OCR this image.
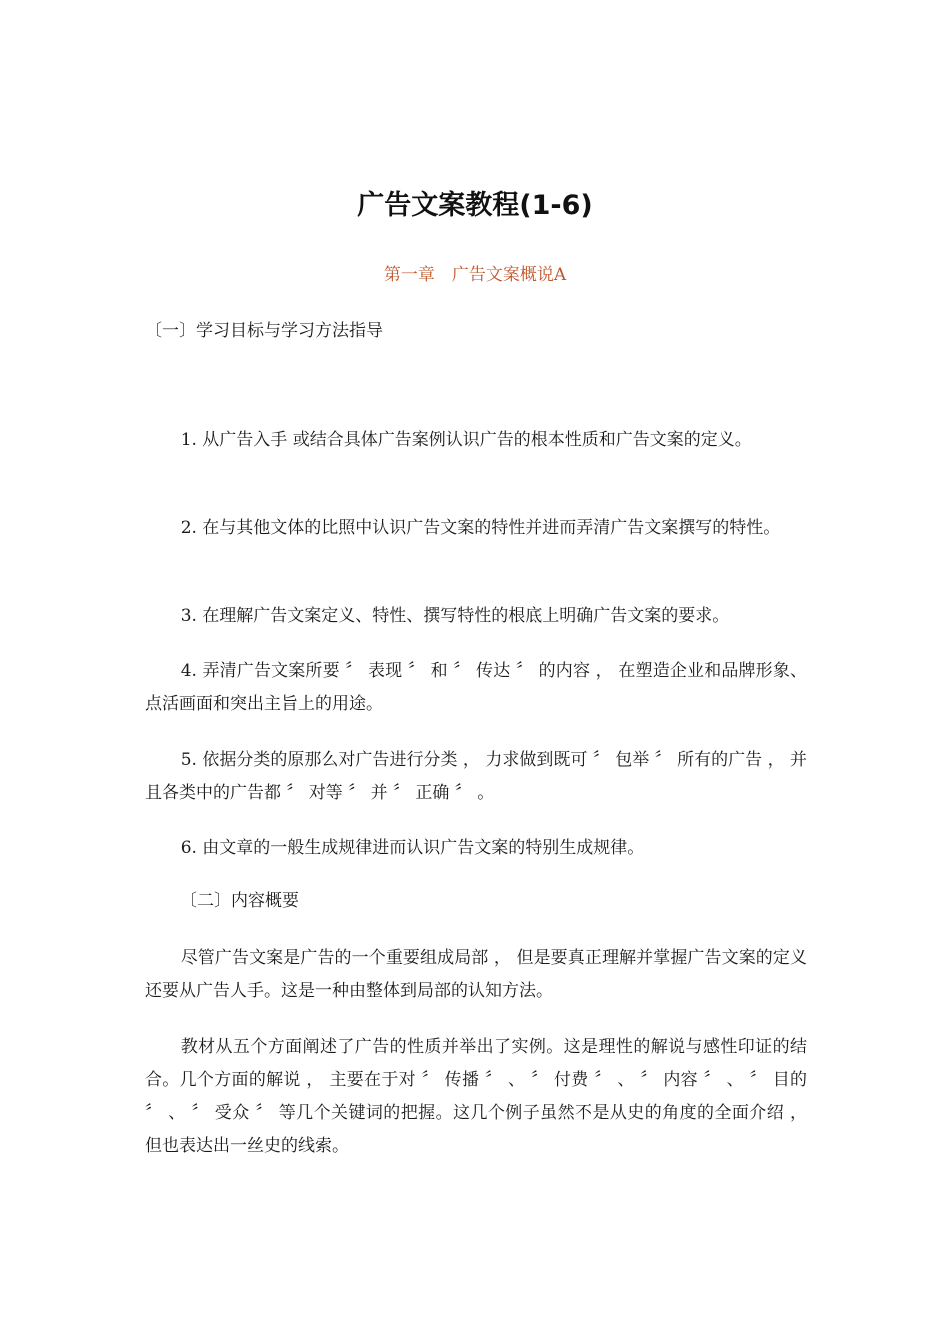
广告文案教程(1-6)
第一章　广告文案概说A
〔一〕学习目标与学习方法指导

1. 从广告入手 或结合具体广告案例认识广告的根本性质和广告文案的定义。

2. 在与其他文体的比照中认识广告文案的特性并进而弄清广告文案撰写的特性。

3. 在理解广告文案定义、特性、撰写特性的根底上明确广告文案的要求。

4. 弄清广告文案所要 〞 表现 〞 和 〞 传达 〞 的内容 ， 在塑造企业和品牌形象、点活画面和突出主旨上的用途。

5. 依据分类的原那么对广告进行分类 ， 力求做到既可 〞 包举 〞 所有的广告 ， 并且各类中的广告都 〞 对等 〞 并 〞 正确 〞 。

6. 由文章的一般生成规律进而认识广告文案的特别生成规律。

〔二〕内容概要

尽管广告文案是广告的一个重要组成局部 ， 但是要真正理解并掌握广告文案的定义还要从广告人手。这是一种由整体到局部的认知方法。

教材从五个方面阐述了广告的性质并举出了实例。这是理性的解说与感性印证的结合。几个方面的解说 ， 主要在于对 〞 传播 〞 、 〞 付费 〞 、 〞 内容 〞 、 〞 目的 〞 、 〞 受众 〞 等几个关键词的把握。这几个例子虽然不是从史的角度的全面介绍 ， 但也表达出一丝史的线索。
